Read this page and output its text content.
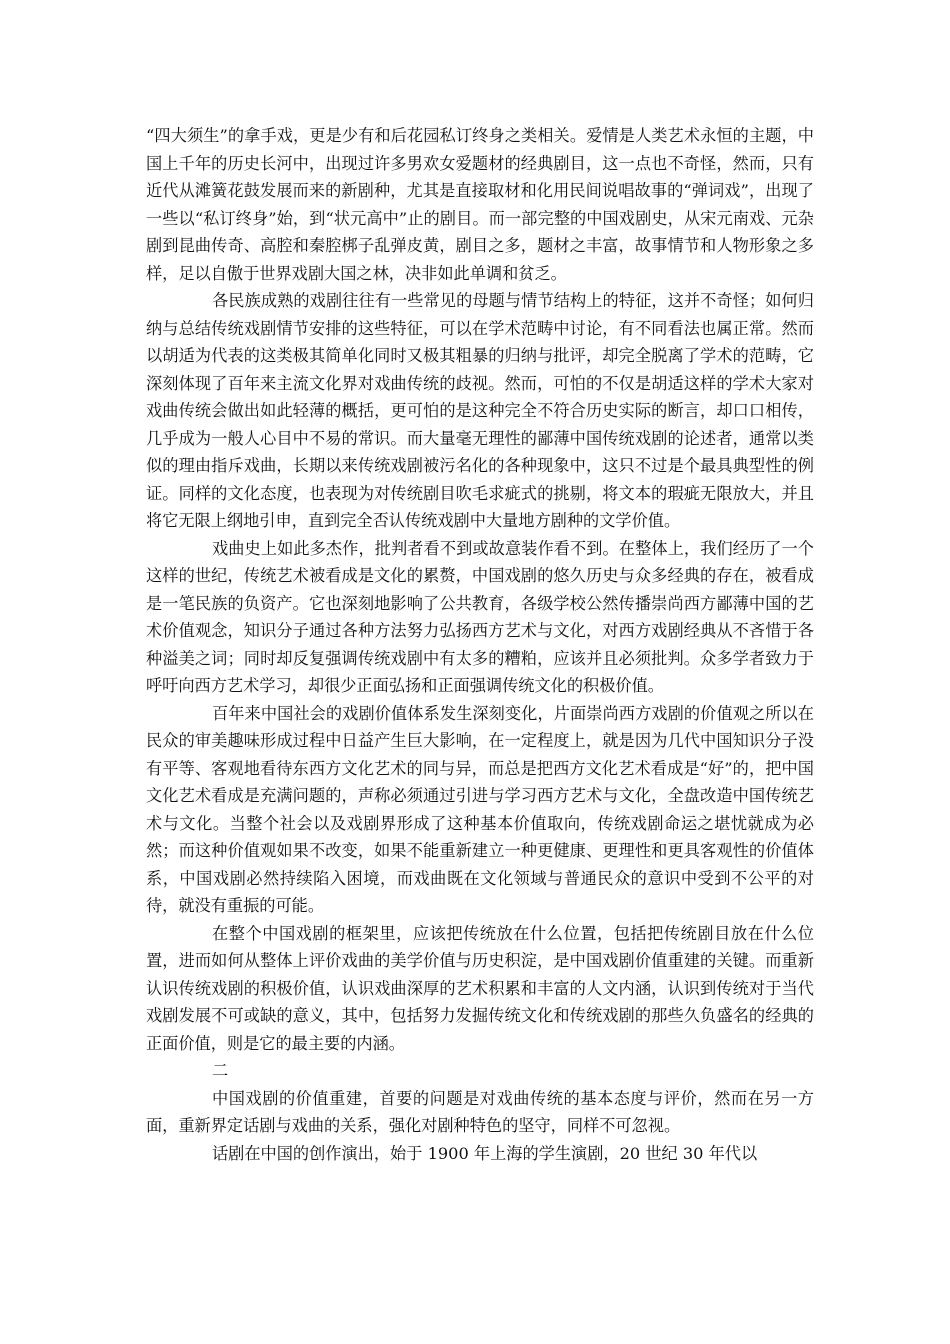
“四大须生”的拿手戏，更是少有和后花园私订终身之类相关。爱情是人类艺术永恒的主题，中国上千年的历史长河中，出现过许多男欢女爱题材的经典剧目，这一点也不奇怪，然而，只有近代从滩簧花鼓发展而来的新剧种，尤其是直接取材和化用民间说唱故事的“弹词戏”，出现了一些以“私订终身”始，到“状元高中”止的剧目。而一部完整的中国戏剧史，从宋元南戏、元杂剧到昆曲传奇、高腔和秦腔梆子乱弹皮黄，剧目之多，题材之丰富，故事情节和人物形象之多样，足以自傲于世界戏剧大国之林，决非如此单调和贫乏。

各民族成熟的戏剧往往有一些常见的母题与情节结构上的特征，这并不奇怪；如何归纳与总结传统戏剧情节安排的这些特征，可以在学术范畴中讨论，有不同看法也属正常。然而以胡适为代表的这类极其简单化同时又极其粗暴的归纳与批评，却完全脱离了学术的范畴，它深刻体现了百年来主流文化界对戏曲传统的歧视。然而，可怕的不仅是胡适这样的学术大家对戏曲传统会做出如此轻薄的概括，更可怕的是这种完全不符合历史实际的断言，却口口相传，几乎成为一般人心目中不易的常识。而大量毫无理性的鄙薄中国传统戏剧的论述者，通常以类似的理由指斥戏曲，长期以来传统戏剧被污名化的各种现象中，这只不过是个最具典型性的例证。同样的文化态度，也表现为对传统剧目吹毛求疵式的挑剔，将文本的瑕疵无限放大，并且将它无限上纲地引申，直到完全否认传统戏剧中大量地方剧种的文学价值。

戏曲史上如此多杰作，批判者看不到或故意装作看不到。在整体上，我们经历了一个这样的世纪，传统艺术被看成是文化的累赘，中国戏剧的悠久历史与众多经典的存在，被看成是一笔民族的负资产。它也深刻地影响了公共教育，各级学校公然传播崇尚西方鄙薄中国的艺术价值观念，知识分子通过各种方法努力弘扬西方艺术与文化，对西方戏剧经典从不吝惜于各种溢美之词；同时却反复强调传统戏剧中有太多的糟粕，应该并且必须批判。众多学者致力于呼吁向西方艺术学习，却很少正面弘扬和正面强调传统文化的积极价值。

百年来中国社会的戏剧价值体系发生深刻变化，片面崇尚西方戏剧的价值观之所以在民众的审美趣味形成过程中日益产生巨大影响，在一定程度上，就是因为几代中国知识分子没有平等、客观地看待东西方文化艺术的同与异，而总是把西方文化艺术看成是“好”的，把中国文化艺术看成是充满问题的，声称必须通过引进与学习西方艺术与文化，全盘改造中国传统艺术与文化。当整个社会以及戏剧界形成了这种基本价值取向，传统戏剧命运之堪忧就成为必然；而这种价值观如果不改变，如果不能重新建立一种更健康、更理性和更具客观性的价值体系，中国戏剧必然持续陷入困境，而戏曲既在文化领域与普通民众的意识中受到不公平的对待，就没有重振的可能。

在整个中国戏剧的框架里，应该把传统放在什么位置，包括把传统剧目放在什么位置，进而如何从整体上评价戏曲的美学价值与历史积淀，是中国戏剧价值重建的关键。而重新认识传统戏剧的积极价值，认识戏曲深厚的艺术积累和丰富的人文内涵，认识到传统对于当代戏剧发展不可或缺的意义，其中，包括努力发掘传统文化和传统戏剧的那些久负盛名的经典的正面价值，则是它的最主要的内涵。

二

中国戏剧的价值重建，首要的问题是对戏曲传统的基本态度与评价，然而在另一方面，重新界定话剧与戏曲的关系，强化对剧种特色的坚守，同样不可忽视。

话剧在中国的创作演出，始于 1900 年上海的学生演剧，20 世纪 30 年代以
